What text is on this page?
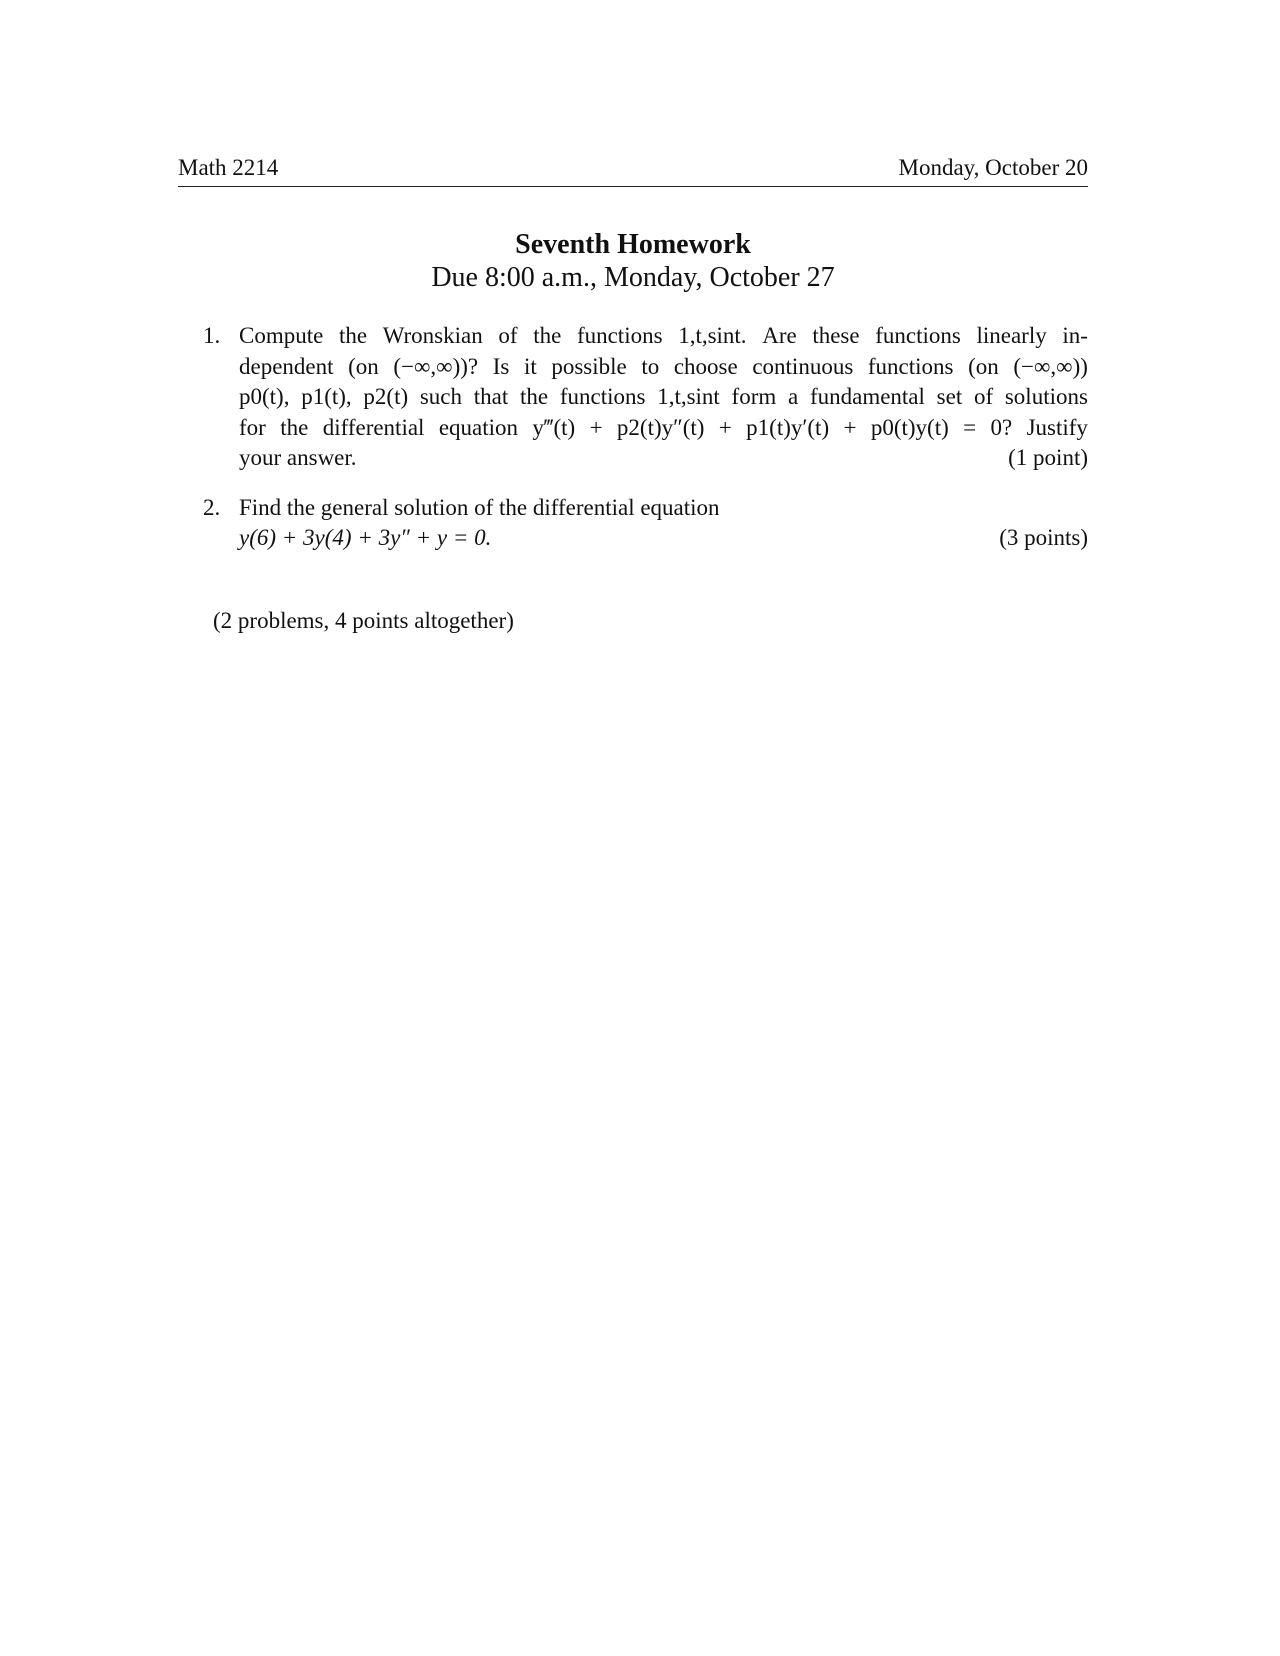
Math 2214	Monday, October 20
Seventh Homework
Due 8:00 a.m., Monday, October 27
1. Compute the Wronskian of the functions 1,t,sint. Are these functions linearly in-
dependent (on (−∞,∞))? Is it possible to choose continuous functions (on (−∞,∞))
p0(t), p1(t), p2(t) such that the functions 1,t,sint form a fundamental set of solutions
for the differential equation y‴(t) + p2(t)y″(t) + p1(t)y′(t) + p0(t)y(t) = 0? Justify
your answer.	(1 point)
2. Find the general solution of the differential equation
y(6) + 3y(4) + 3y″ + y = 0.	(3 points)
(2 problems, 4 points altogether)
